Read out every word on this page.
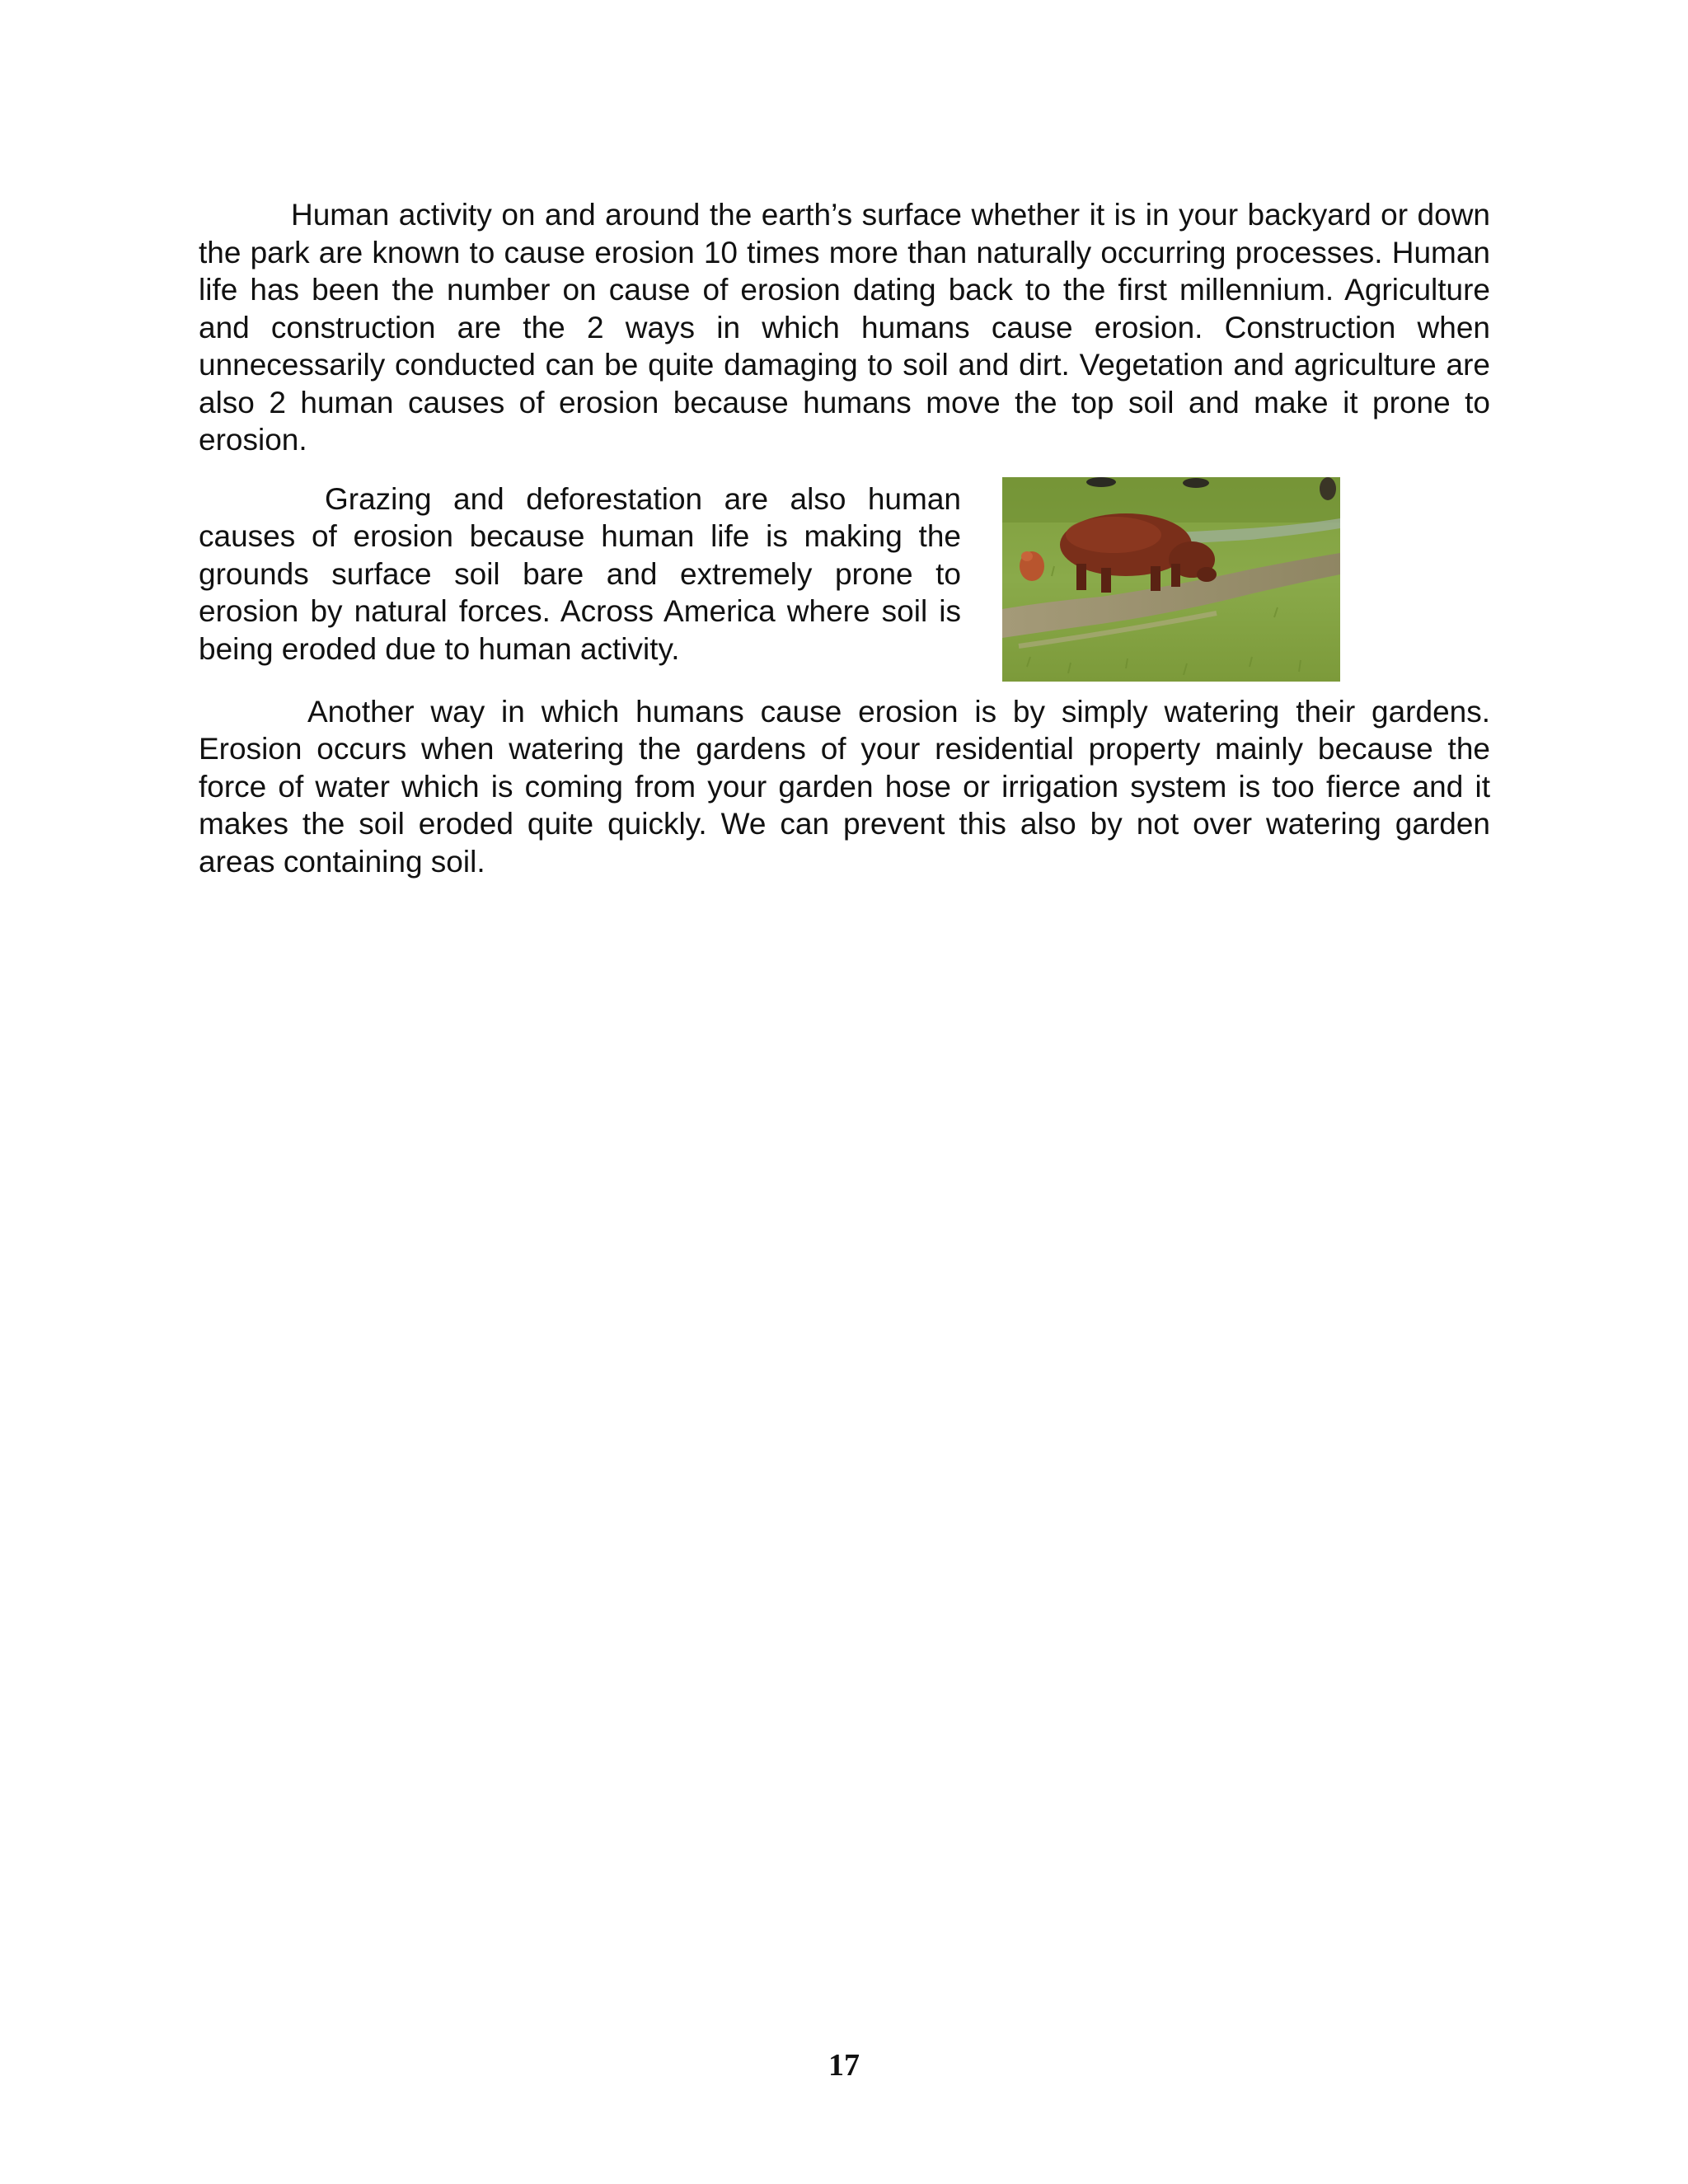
Human activity on and around the earth’s surface whether it is in your backyard or down the park are known to cause erosion 10 times more than naturally occurring processes. Human life has been the number on cause of erosion dating back to the first millennium. Agriculture and construction are the 2 ways in which humans cause erosion. Construction when unnecessarily conducted can be quite damaging to soil and dirt. Vegetation and agriculture are also 2 human causes of erosion because humans move the top soil and make it prone to erosion.

Grazing and deforestation are also human causes of erosion because human life is making the grounds surface soil bare and extremely prone to erosion by natural forces. Across America where soil is being eroded due to human activity.

Another way in which humans cause erosion is by simply watering their gardens. Erosion occurs when watering the gardens of your residential property mainly because the force of water which is coming from your garden hose or irrigation system is too fierce and it makes the soil eroded quite quickly. We can prevent this also by not over watering garden areas containing soil.

17
